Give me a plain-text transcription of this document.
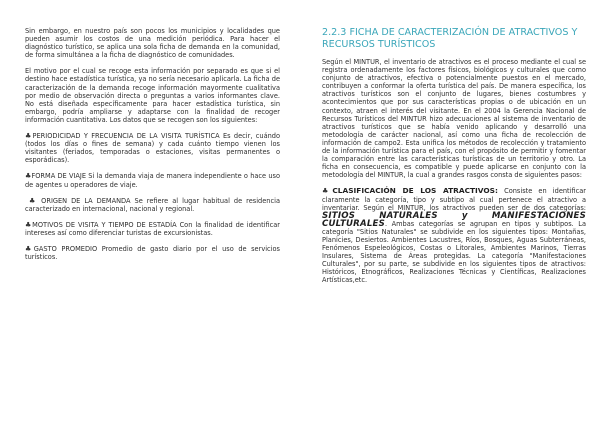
Sin embargo, en nuestro país son pocos los municipios y localidades que pueden asumir los costos de una medición periódica. Para hacer el diagnóstico turístico, se aplica una sola ficha de demanda en la comunidad, de forma simultánea a la ficha de diagnóstico de comunidades.

El motivo por el cual se recoge esta información por separado es que si el destino hace estadística turística, ya no sería necesario aplicarla. La ficha de caracterización de la demanda recoge información mayormente cualitativa por medio de observación directa o preguntas a varios informantes clave. No está diseñada específicamente para hacer estadística turística, sin embargo, podría ampliarse y adaptarse con la finalidad de recoger información cuantitativa. Los datos que se recogen son los siguientes:

♣PERIODICIDAD Y FRECUENCIA DE LA VISITA TURÍSTICA Es decir, cuándo (todos los días o fines de semana) y cada cuánto tiempo vienen los visitantes (feriados, temporadas o estaciones, visitas permanentes o esporádicas).

♣FORMA DE VIAJE Si la demanda viaja de manera independiente o hace uso de agentes u operadores de viaje.

♣ ORIGEN DE LA DEMANDA Se refiere al lugar habitual de residencia caracterizado en internacional, nacional y regional.

♣MOTIVOS DE VISITA Y TIEMPO DE ESTADÍA Con la finalidad de identificar intereses así como diferenciar turistas de excursionistas.

♣GASTO PROMEDIO Promedio de gasto diario por el uso de servicios turísticos.

2.2.3 FICHA DE CARACTERIZACIÓN DE ATRACTIVOS Y RECURSOS TURÍSTICOS

Según el MINTUR, el inventario de atractivos es el proceso mediante el cual se registra ordenadamente los factores físicos, biológicos y culturales que como conjunto de atractivos, efectiva o potencialmente puestos en el mercado, contribuyen a conformar la oferta turística del país. De manera específica, los atractivos turísticos son el conjunto de lugares, bienes costumbres y acontecimientos que por sus características propias o de ubicación en un contexto, atraen el interés del visitante. En el 2004 la Gerencia Nacional de Recursos Turísticos del MINTUR hizo adecuaciones al sistema de inventario de atractivos turísticos que se había venido aplicando y desarrolló una metodología de carácter nacional, así como una ficha de recolección de información de campo2. Esta unifica los métodos de recolección y tratamiento de la información turística para el país, con el propósito de permitir y fomentar la comparación entre las características turísticas de un territorio y otro. La ficha en consecuencia, es compatible y puede aplicarse en conjunto con la metodología del MINTUR, la cual a grandes rasgos consta de siguientes pasos:

♣CLASIFICACIÓN DE LOS ATRACTIVOS: Consiste en identificar claramente la categoría, tipo y subtipo al cual pertenece el atractivo a inventariar. Según el MINTUR, los atractivos pueden ser de dos categorías: SITIOS NATURALES y MANIFESTACIONES CULTURALES. Ambas categorías se agrupan en tipos y subtipos. La categoría "Sitios Naturales" se subdivide en los siguientes tipos: Montañas, Planicies, Desiertos. Ambientes Lacustres, Ríos, Bosques, Aguas Subterráneas, Fenómenos Espeleológicos, Costas o Litorales, Ambientes Marinos, Tierras Insulares, Sistema de Áreas protegidas. La categoría "Manifestaciones Culturales", por su parte, se subdivide en los siguientes tipos de atractivos: Históricos, Etnográficos, Realizaciones Técnicas y Científicas, Realizaciones Artísticas,etc.
